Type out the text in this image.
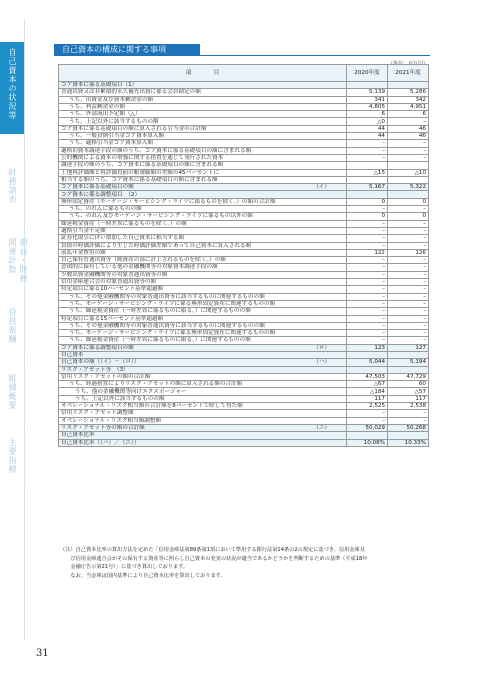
自己資本の状況等
財務諸表
損益・財務関連計数
役員報酬
組織概要
主要指標
自己資本の構成に関する事項
項　　　　目	2020年度	2021年度
コア資本に係る基礎項目（1）		
普通出資又は非累積的永久優先出資に係る会員勘定の額	5,139	5,286
うち、出資金及び資本剰余金の額	341	342
うち、利益剰余金の額	4,805	4,951
うち、外部流出予定額（△）	6	6
うち、上記以外に該当するものの額	△0	–
コア資本に係る基礎項目の額に算入される引当金の合計額	44	46
うち、一般貸倒引当金コア資本算入額	44	46
うち、適格引当金コア資本算入額	–	–
適格旧資本調達手段の額のうち、コア資本に係る基礎項目の額に含まれる額	–	–
公的機関による資本の増強に関する措置を通じて発行された資本	–	–
調達手段の額のうち、コア資本に係る基礎項目の額に含まれる額		
土地再評価額と再評価直前の帳簿価額の差額の45パーセントに	△15	△10
相当する額のうち、コア資本に係る基礎項目の額に含まれる額		
コア資本に係る基礎項目の額 （イ）	5,167	5,322
コア資本に係る調整項目　（2）		
無形固定資産（モーゲージ・サービシング・ライツに係るものを除く。）の額の合計額	0	0
うち、のれんに係るものの額	–	–
うち、のれん及びモーゲージ・サービシング・ライツに係るもの以外の額	0	0
繰延税金資産（一時差異に係るものを除く。）の額	–	–
適格引当金不足額	–	–
証券化取引に伴い増加した自己資本に相当する額	–	–
負債の時価評価により生じた時価評価差額であって自己資本に算入される額	–	–
前払年金費用の額	122	126
自己保有普通出資等（純資産の部に計上されるものを除く。）の額	–	–
意図的に保有している他の金融機関等の対象資本調達手段の額	–	–
少数出資金融機関等の対象普通出資等の額	–	–
信用金庫連合会の対象普通出資等の額	–	–
特定項目に係る10パーセント基準超過額	–	–
うち、その他金融機関等の対象普通出資等に該当するものに関連するものの額	–	–
うち、モーゲージ・サービシング・ライツに係る無形固定資産に関連するものの額	–	–
うち、繰延税金資産（一時差異に係るものに限る。）に関連するものの額	–	–
特定項目に係る15パーセント基準超過額	–	–
うち、その他金融機関等の対象普通出資等に該当するものに関連するものの額	–	–
うち、モーゲージ・サービシング・ライツに係る無形固定資産に関連するものの額	–	–
うち、繰延税金資産（一時差異に係るものに限る。）に関連するものの額	–	–
コア資本に係る調整項目の額 （ロ）	123	127
自己資本		
自己資本の額（（イ）－（ロ）） （ハ）	5,044	5,194
リスク・アセット等　（3）		
信用リスク・アセットの額の合計額	47,503	47,729
うち、経過措置によりリスク・アセットの額に算入される額の合計額	△67	60
うち、他の金融機関等向けエクスポージャー	△184	△57
うち、上記以外に該当するものの額	117	117
オペレーショナル・リスク相当額の合計額を8パーセントで除して得た額	2,525	2,538
信用リスク・アセット調整額	–	–
オペレーショナル・リスク相当額調整額	–	–
リスク・アセット等の額の合計額 （ニ）	50,029	50,268
自己資本比率		
自己資本比率（（ハ）／（ニ））	10.08%	10.33%
（注）自己資本比率の算出方法を定めた「信用金庫法第89条第1項において準用する銀行法第14条の2の規定に基づき、信用金庫及
　　び信用金庫連合会がその保有する資産等に照らし自己資本の充実の状況が適当であるかどうかを判断するための基準（平成18年
　　金融庁告示第21号）」に基づき算出しております。
　　なお、当金庫は国内基準により自己資本比率を算出しております。
31
